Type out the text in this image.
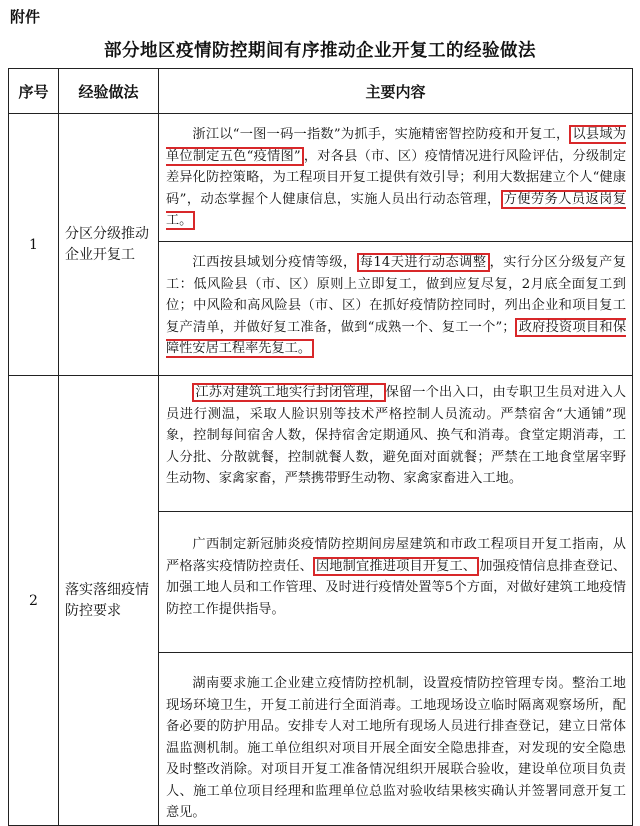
附件
部分地区疫情防控期间有序推动企业开复工的经验做法
序号	经验做法	主要内容
1	分区分级推动企业开复工	浙江以“一图一码一指数”为抓手，实施精密智控防疫和开复工， 以县域为单位制定五色“疫情图” ，对各县（市、区）疫情情况进行风险评估，分级制定差异化防控策略，为工程项目开复工提供有效引导；利用大数据建立个人“健康码”，动态掌握个人健康信息，实施人员出行动态管理， 方便劳务人员返岗复工。

		江西按县域划分疫情等级， 每14天进行动态调整 ，实行分区分级复产复工：低风险县（市、区）原则上立即复工，做到应复尽复，2月底全面复工到位；中风险和高风险县（市、区）在抓好疫情防控同时，列出企业和项目复工复产清单，并做好复工准备，做到“成熟一个、复工一个”； 政府投资项目和保障性安居工程率先复工。

2	落实落细疫情防控要求	江苏对建筑工地实行封闭管理， 保留一个出入口，由专职卫生员对进入人员进行测温，采取人脸识别等技术严格控制人员流动。严禁宿舍“大通铺”现象，控制每间宿舍人数，保持宿舍定期通风、换气和消毒。食堂定期消毒，工人分批、分散就餐，控制就餐人数，避免面对面就餐；严禁在工地食堂屠宰野生动物、家禽家畜，严禁携带野生动物、家禽家畜进入工地。

		广西制定新冠肺炎疫情防控期间房屋建筑和市政工程项目开复工指南，从严格落实疫情防控责任、 因地制宜推进项目开复工、 加强疫情信息排查登记、加强工地人员和工作管理、及时进行疫情处置等5个方面，对做好建筑工地疫情防控工作提供指导。

		湖南要求施工企业建立疫情防控机制，设置疫情防控管理专岗。整治工地现场环境卫生，开复工前进行全面消毒。工地现场设立临时隔离观察场所，配备必要的防护用品。安排专人对工地所有现场人员进行排查登记，建立日常体温监测机制。施工单位组织对项目开展全面安全隐患排查，对发现的安全隐患及时整改消除。对项目开复工准备情况组织开展联合验收，建设单位项目负责人、施工单位项目经理和监理单位总监对验收结果核实确认并签署同意开复工意见。
